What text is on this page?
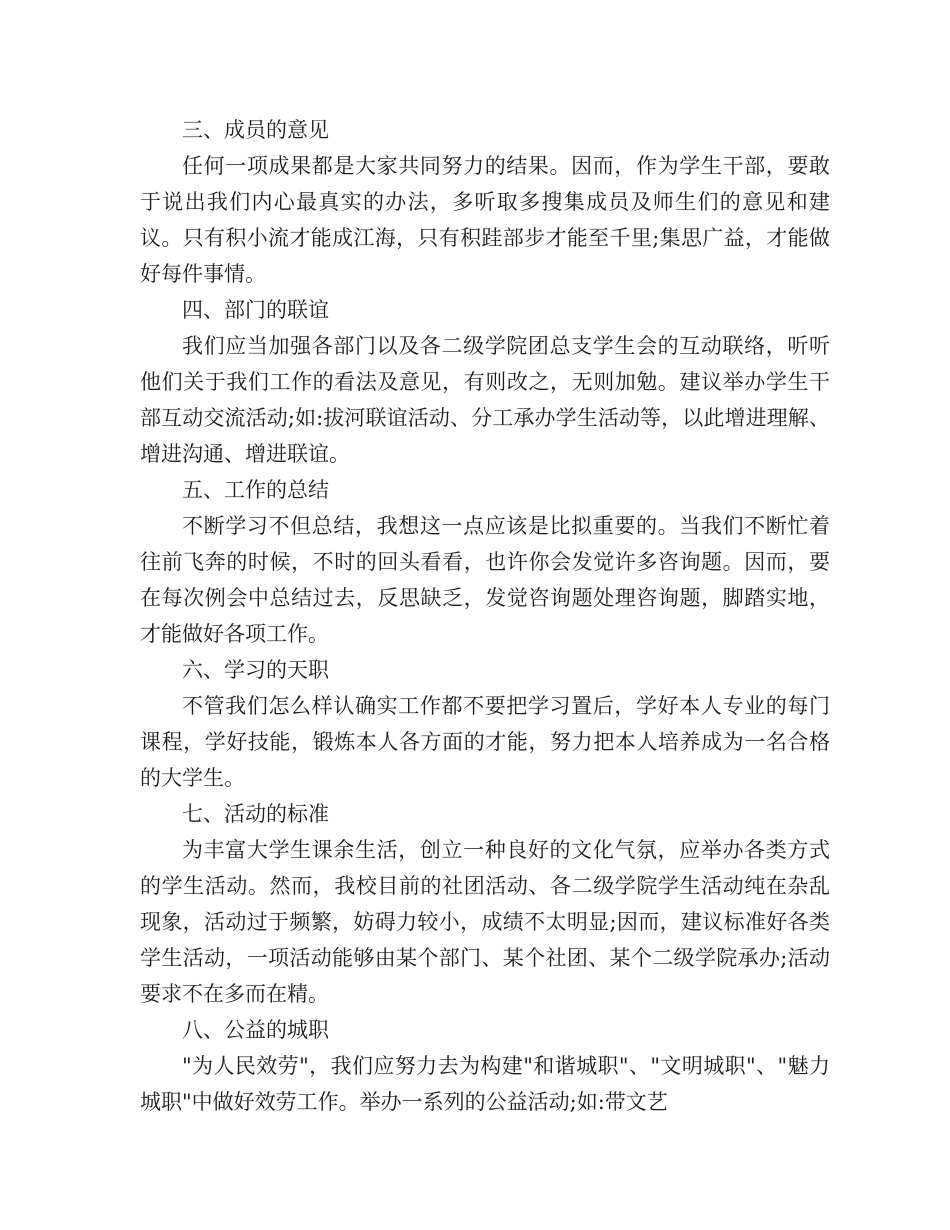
三、成员的意见

任何一项成果都是大家共同努力的结果。因而，作为学生干部，要敢于说出我们内心最真实的办法，多听取多搜集成员及师生们的意见和建议。只有积小流才能成江海，只有积跬部步才能至千里;集思广益，才能做好每件事情。

四、部门的联谊

我们应当加强各部门以及各二级学院团总支学生会的互动联络，听听他们关于我们工作的看法及意见，有则改之，无则加勉。建议举办学生干部互动交流活动;如:拔河联谊活动、分工承办学生活动等，以此增进理解、增进沟通、增进联谊。

五、工作的总结

不断学习不但总结，我想这一点应该是比拟重要的。当我们不断忙着往前飞奔的时候，不时的回头看看，也许你会发觉许多咨询题。因而，要在每次例会中总结过去，反思缺乏，发觉咨询题处理咨询题，脚踏实地，才能做好各项工作。

六、学习的天职

不管我们怎么样认确实工作都不要把学习置后，学好本人专业的每门课程，学好技能，锻炼本人各方面的才能，努力把本人培养成为一名合格的大学生。

七、活动的标准

为丰富大学生课余生活，创立一种良好的文化气氛，应举办各类方式的学生活动。然而，我校目前的社团活动、各二级学院学生活动纯在杂乱现象，活动过于频繁，妨碍力较小，成绩不太明显;因而，建议标准好各类学生活动，一项活动能够由某个部门、某个社团、某个二级学院承办;活动要求不在多而在精。

八、公益的城职

"为人民效劳"，我们应努力去为构建"和谐城职"、"文明城职"、"魅力城职"中做好效劳工作。举办一系列的公益活动;如:带文艺
